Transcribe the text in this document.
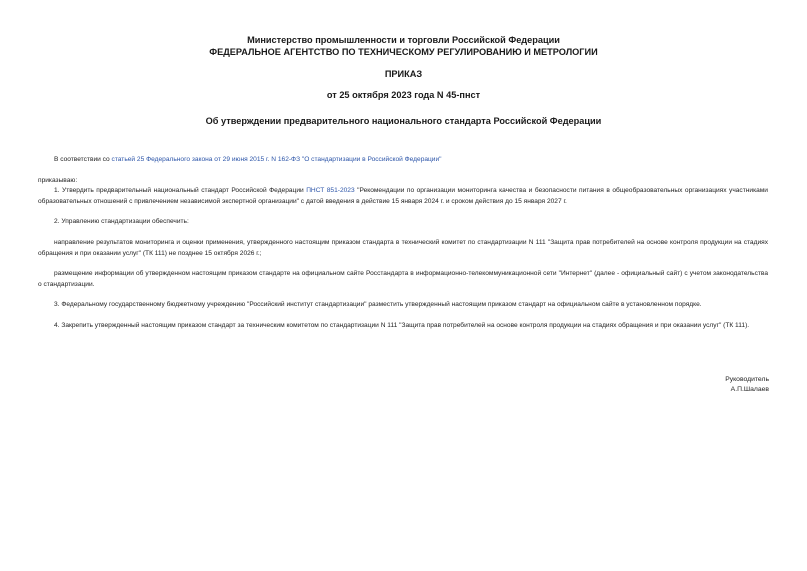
Министерство промышленности и торговли Российской Федерации
ФЕДЕРАЛЬНОЕ АГЕНТСТВО ПО ТЕХНИЧЕСКОМУ РЕГУЛИРОВАНИЮ И МЕТРОЛОГИИ
ПРИКАЗ
от 25 октября 2023 года N 45-пнст
Об утверждении предварительного национального стандарта Российской Федерации
В соответствии со статьей 25 Федерального закона от 29 июня 2015 г. N 162-ФЗ "О стандартизации в Российской Федерации"
приказываю:
1. Утвердить предварительный национальный стандарт Российской Федерации ПНСТ 851-2023 "Рекомендации по организации мониторинга качества и безопасности питания в общеобразовательных организациях участниками образовательных отношений с привлечением независимой экспертной организации" с датой введения в действие 15 января 2024 г. и сроком действия до 15 января 2027 г.
2. Управлению стандартизации обеспечить:
направление результатов мониторинга и оценки применения, утвержденного настоящим приказом стандарта в технический комитет по стандартизации N 111 "Защита прав потребителей на основе контроля продукции на стадиях обращения и при оказании услуг" (ТК 111) не позднее 15 октября 2026 г.;
размещение информации об утвержденном настоящим приказом стандарте на официальном сайте Росстандарта в информационно-телекоммуникационной сети "Интернет" (далее - официальный сайт) с учетом законодательства о стандартизации.
3. Федеральному государственному бюджетному учреждению "Российский институт стандартизации" разместить утвержденный настоящим приказом стандарт на официальном сайте в установленном порядке.
4. Закрепить утвержденный настоящим приказом стандарт за техническим комитетом по стандартизации N 111 "Защита прав потребителей на основе контроля продукции на стадиях обращения и при оказании услуг" (ТК 111).
Руководитель
А.П.Шалаев
